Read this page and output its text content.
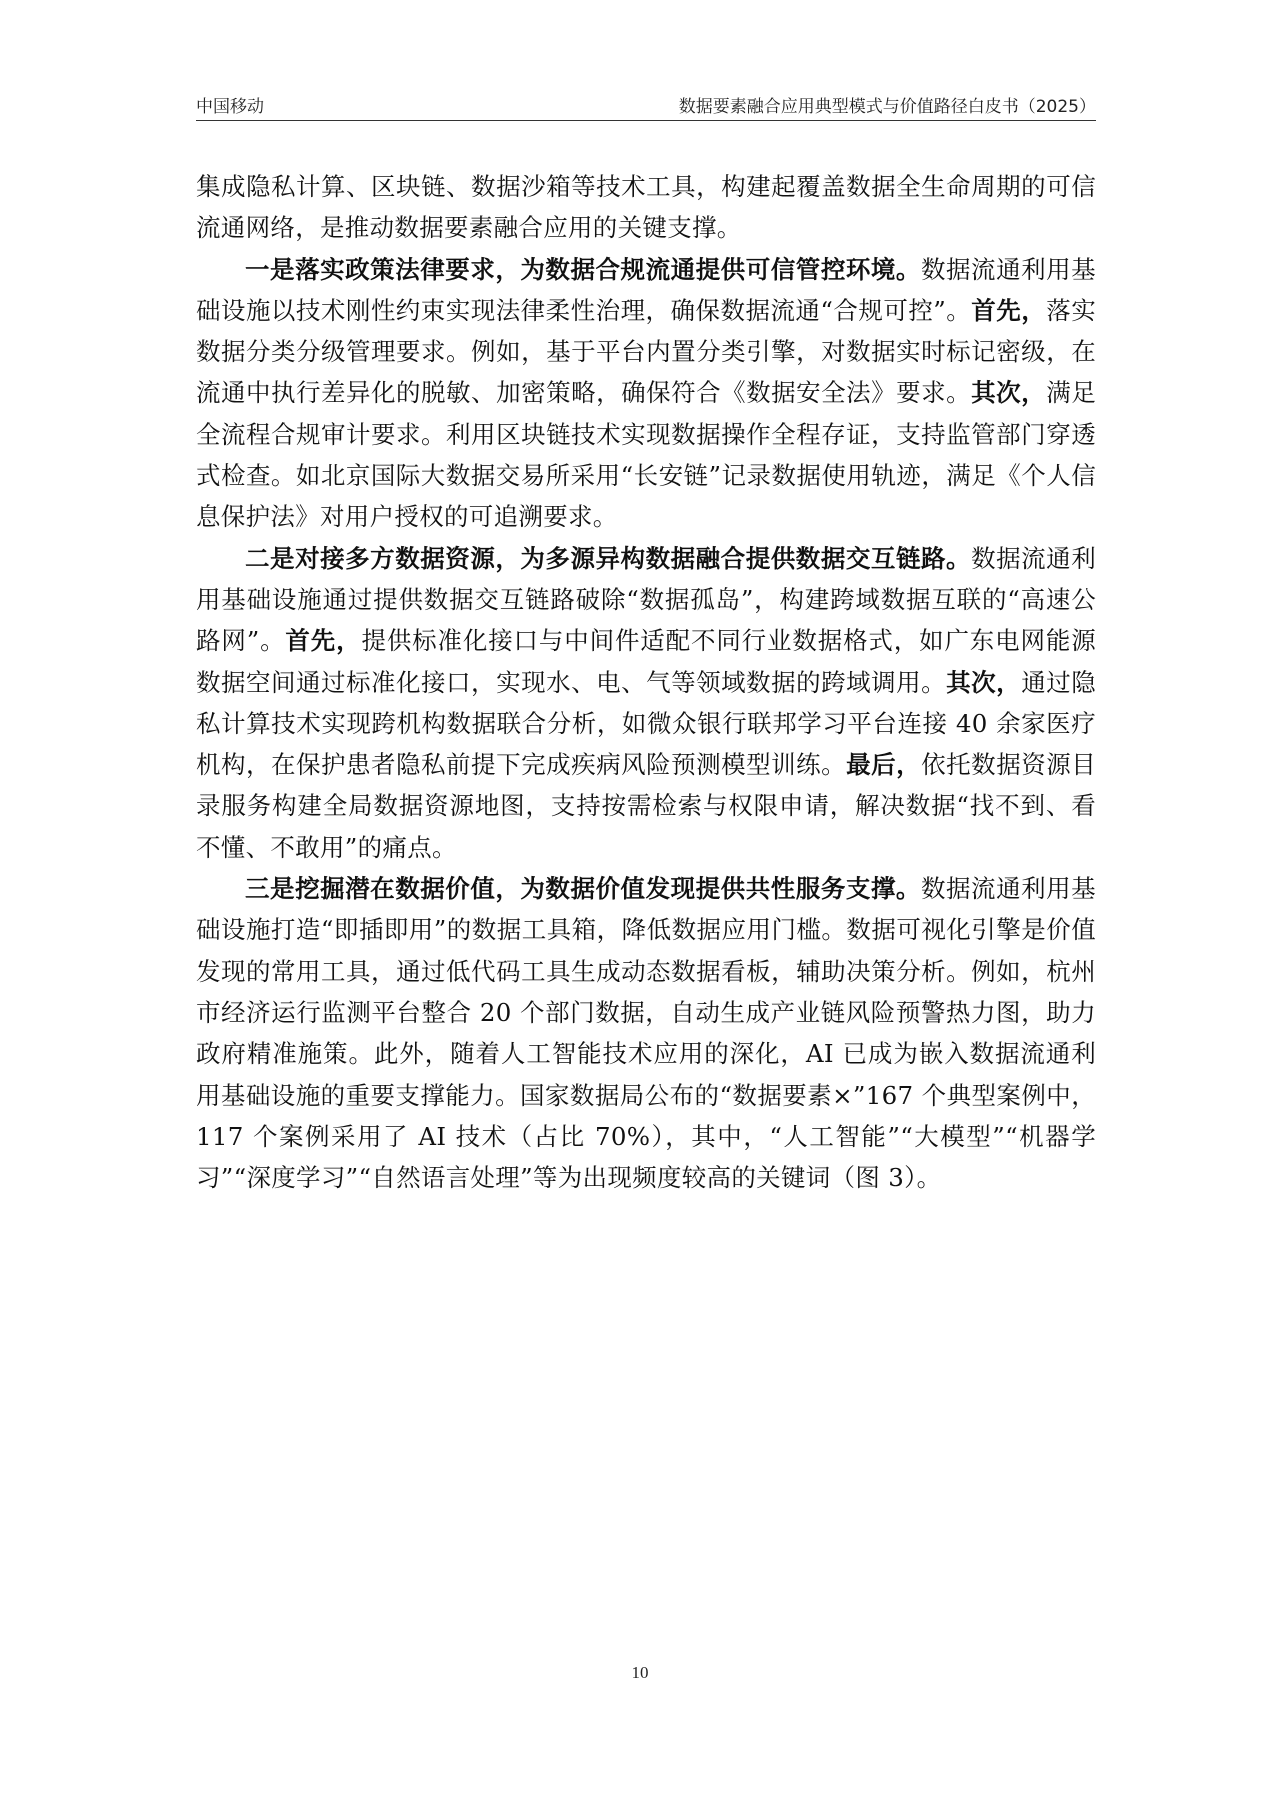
中国移动	数据要素融合应用典型模式与价值路径白皮书（2025）

集成隐私计算、区块链、数据沙箱等技术工具，构建起覆盖数据全生命周期的可信流通网络，是推动数据要素融合应用的关键支撑。

一是落实政策法律要求，为数据合规流通提供可信管控环境。数据流通利用基础设施以技术刚性约束实现法律柔性治理，确保数据流通“合规可控”。首先，落实数据分类分级管理要求。例如，基于平台内置分类引擎，对数据实时标记密级，在流通中执行差异化的脱敏、加密策略，确保符合《数据安全法》要求。其次，满足全流程合规审计要求。利用区块链技术实现数据操作全程存证，支持监管部门穿透式检查。如北京国际大数据交易所采用“长安链”记录数据使用轨迹，满足《个人信息保护法》对用户授权的可追溯要求。

二是对接多方数据资源，为多源异构数据融合提供数据交互链路。数据流通利用基础设施通过提供数据交互链路破除“数据孤岛”，构建跨域数据互联的“高速公路网”。首先，提供标准化接口与中间件适配不同行业数据格式，如广东电网能源数据空间通过标准化接口，实现水、电、气等领域数据的跨域调用。其次，通过隐私计算技术实现跨机构数据联合分析，如微众银行联邦学习平台连接 40 余家医疗机构，在保护患者隐私前提下完成疾病风险预测模型训练。最后，依托数据资源目录服务构建全局数据资源地图，支持按需检索与权限申请，解决数据“找不到、看不懂、不敢用”的痛点。

三是挖掘潜在数据价值，为数据价值发现提供共性服务支撑。数据流通利用基础设施打造“即插即用”的数据工具箱，降低数据应用门槛。数据可视化引擎是价值发现的常用工具，通过低代码工具生成动态数据看板，辅助决策分析。例如，杭州市经济运行监测平台整合 20 个部门数据，自动生成产业链风险预警热力图，助力政府精准施策。此外，随着人工智能技术应用的深化，AI 已成为嵌入数据流通利用基础设施的重要支撑能力。国家数据局公布的“数据要素×”167 个典型案例中，117 个案例采用了 AI 技术（占比 70%），其中，“人工智能”“大模型”“机器学习”“深度学习”“自然语言处理”等为出现频度较高的关键词（图 3）。

10
